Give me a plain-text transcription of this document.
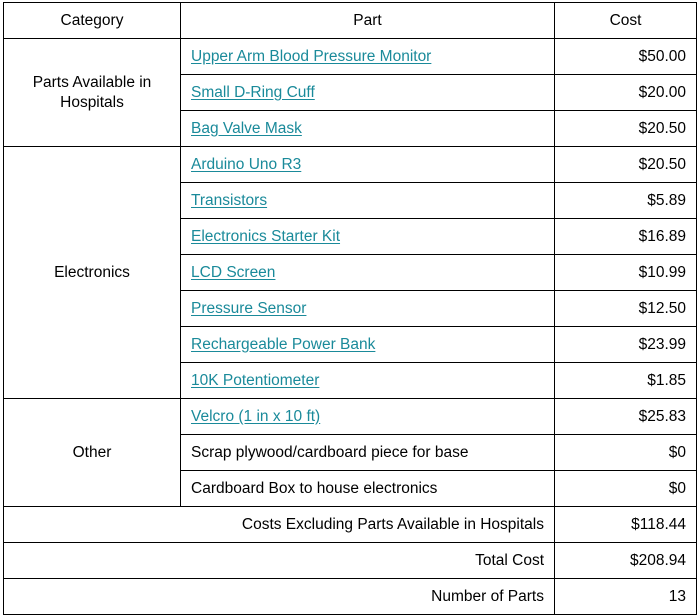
Category	Part	Cost
Parts Available in Hospitals	Upper Arm Blood Pressure Monitor	$50.00
	Small D-Ring Cuff	$20.00
	Bag Valve Mask	$20.50
Electronics	Arduino Uno R3	$20.50
	Transistors	$5.89
	Electronics Starter Kit	$16.89
	LCD Screen	$10.99
	Pressure Sensor	$12.50
	Rechargeable Power Bank	$23.99
	10K Potentiometer	$1.85
Other	Velcro (1 in x 10 ft)	$25.83
	Scrap plywood/cardboard piece for base	$0
	Cardboard Box to house electronics	$0
Costs Excluding Parts Available in Hospitals		$118.44
Total Cost		$208.94
Number of Parts		13
